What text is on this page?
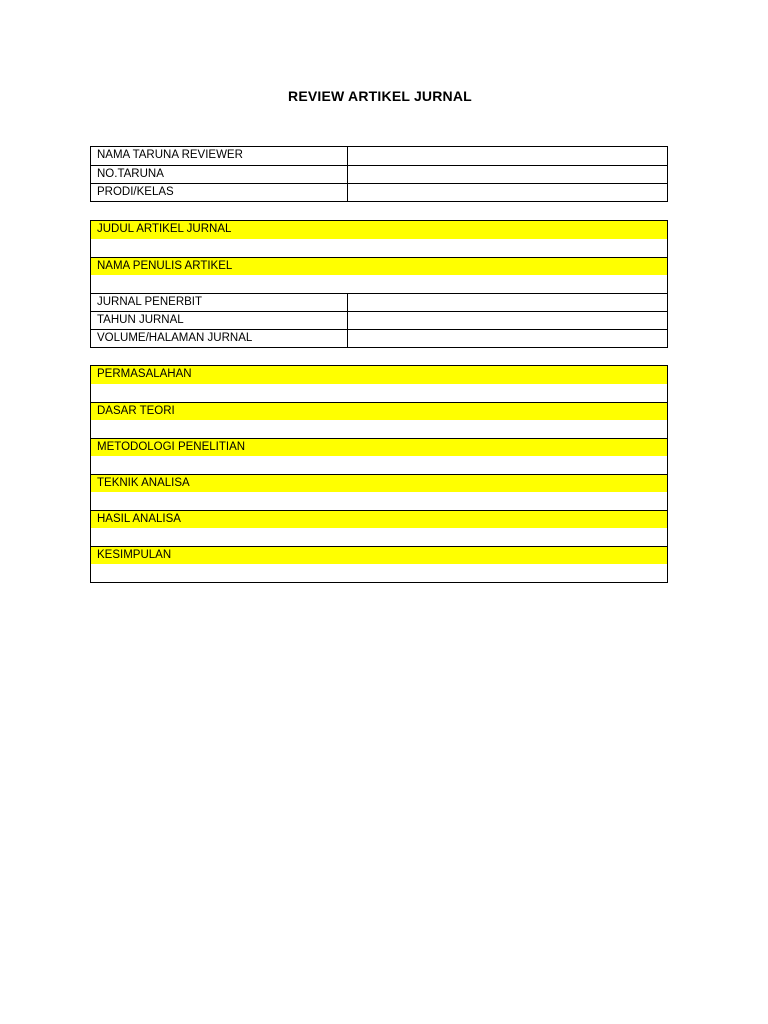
REVIEW ARTIKEL JURNAL
NAMA TARUNA REVIEWER
NO.TARUNA
PRODI/KELAS
JUDUL ARTIKEL JURNAL
NAMA PENULIS ARTIKEL
JURNAL PENERBIT
TAHUN JURNAL
VOLUME/HALAMAN JURNAL
PERMASALAHAN
DASAR TEORI
METODOLOGI PENELITIAN
TEKNIK ANALISA
HASIL ANALISA
KESIMPULAN
